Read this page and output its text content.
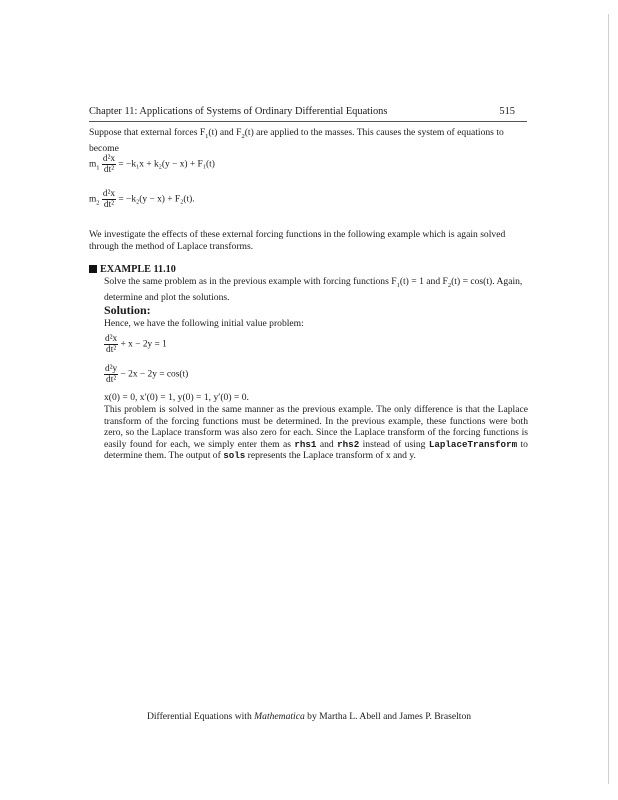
Chapter 11: Applications of Systems of Ordinary Differential Equations	515
Suppose that external forces $F_1(t)$ and $F_2(t)$ are applied to the masses. This causes the system of equations to become
$m_1 \frac{\text{d²x}}{\text{dt²}} = -k_1x + k_2(y - x) + F_1(t)$
$m_2 \frac{\text{d²x}}{\text{dt²}} = -k_2(y - x) + F_2(t)$.
We investigate the effects of these external forcing functions in the following example which is again solved through the method of Laplace transforms.
EXAMPLE 11.10
Solve the same problem as in the previous example with forcing functions $F_1(t) = 1$ and $F_2(t) = \cos(t)$. Again, determine and plot the solutions.
Solution:
Hence, we have the following initial value problem:
$\frac{\text{d²x}}{\text{dt²}} + x - 2y = 1$
$\frac{\text{d²y}}{\text{dt²}} - 2x - 2y = \cos(t)$
x(0) = 0, x′(0) = 1, y(0) = 1, y′(0) = 0.
This problem is solved in the same manner as the previous example. The only difference is that the Laplace transform of the forcing functions must be determined. In the previous example, these functions were both zero, so the Laplace transform was also zero for each. Since the Laplace transform of the forcing functions is easily found for each, we simply enter them as rhs1 and rhs2 instead of using LaplaceTransform to determine them. The output of sols represents the Laplace transform of x and y.
Differential Equations with Mathematica by Martha L. Abell and James P. Braselton
